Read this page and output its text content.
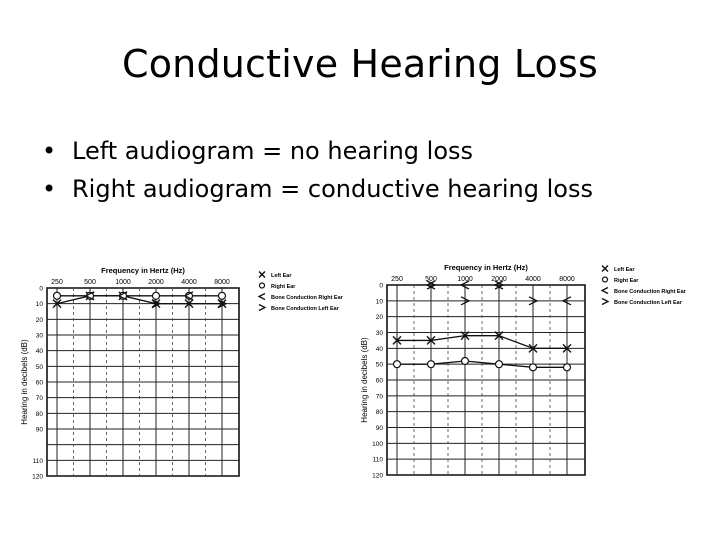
Conductive Hearing Loss
• Left audiogram = no hearing loss
• Right audiogram = conductive hearing loss
250	500	1000 2000 4000 8000
Frequency in Hertz (Hz)
0
10
20
30
40
50
60
70
80
90
110
120
Hearing in decibels (dB)
Left Ear
Right Ear
Bone Conduction Right Ear
Bone Conduction Left Ear
250	500	1000	2000	4000	8000
Frequency in Hertz (Hz)
0
10
20
30
40
50
60
70
80
90
100
110
120
Hearing in decibels (dB)
Left Ear
Right Ear
Bone Conduction Right Ear
Bone Conduction Left Ear
